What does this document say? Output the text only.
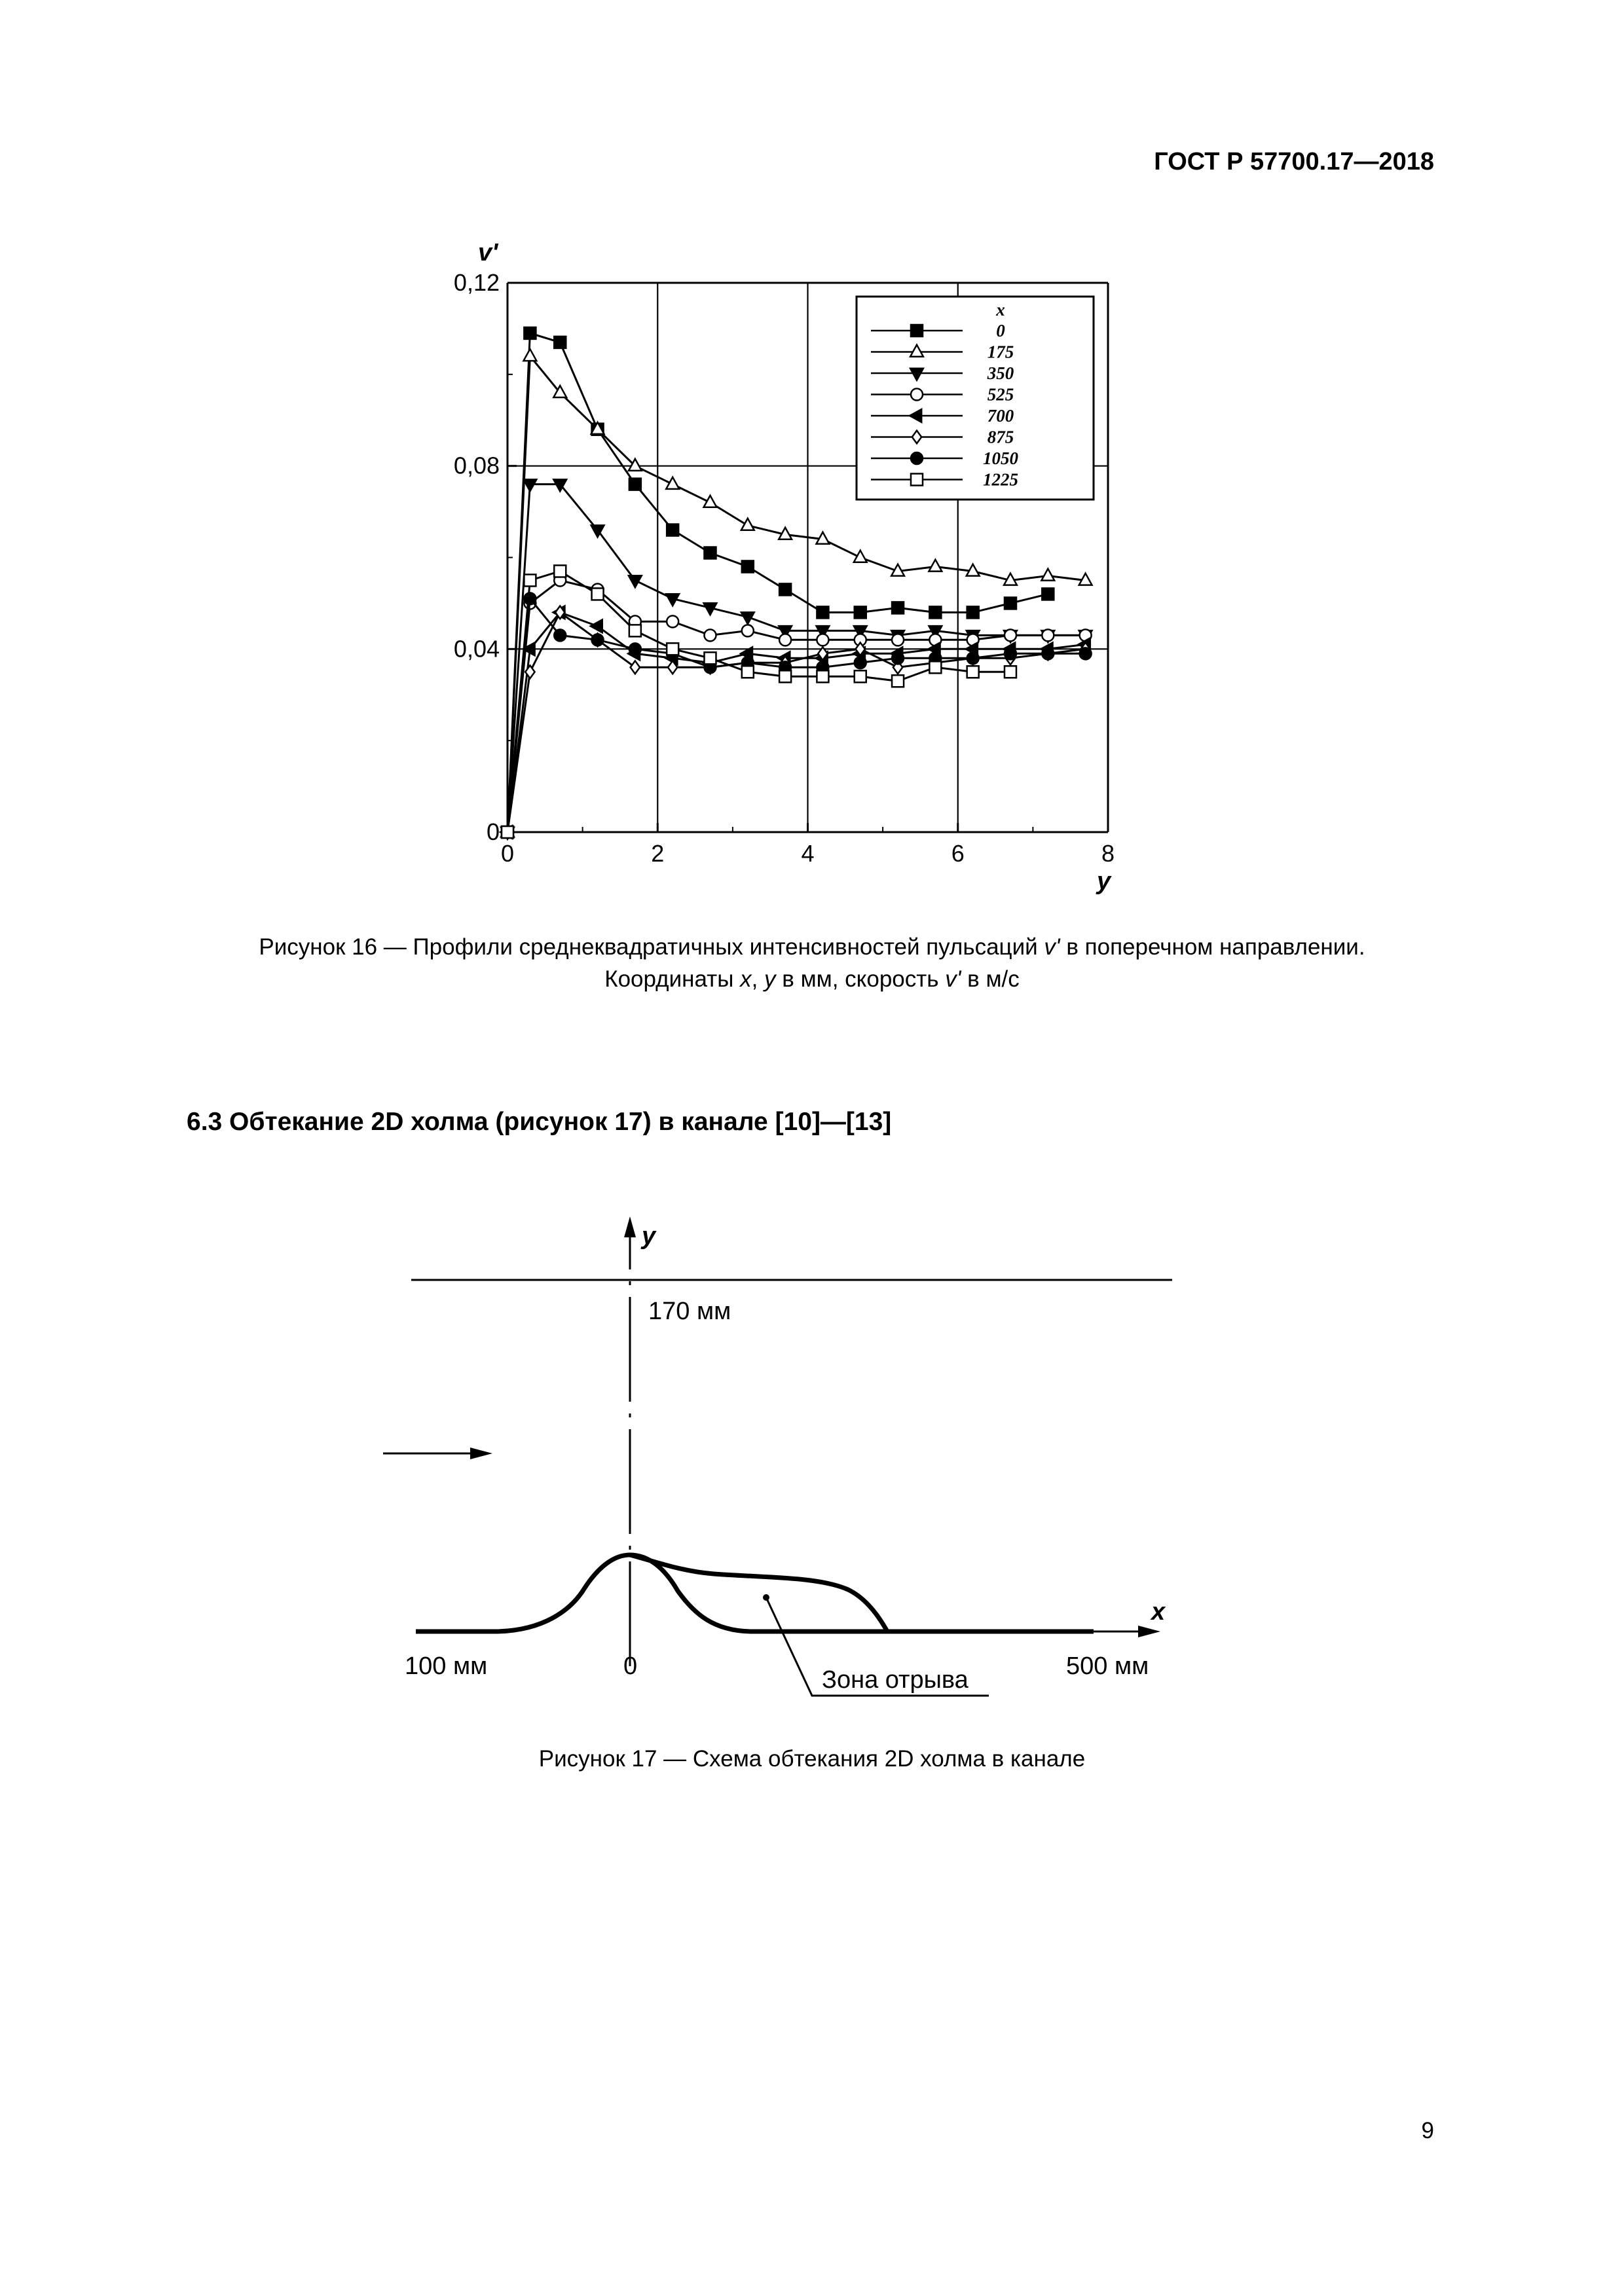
ГОСТ Р 57700.17—2018
x
0
175
350
525
700
875
1050
1225
0	2	4	6	8
0
0,04
0,08
0,12
v'
y
Рисунок 16 — Профили среднеквадратичных интенсивностей пульсаций v' в поперечном направлении.
Координаты x, y в мм, скорость v' в м/с
6.3 Обтекание 2D холма (рисунок 17) в канале [10]—[13]
y
170 мм
x
100 мм	0	500 мм
Зона отрыва
Рисунок 17 — Схема обтекания 2D холма в канале
9
